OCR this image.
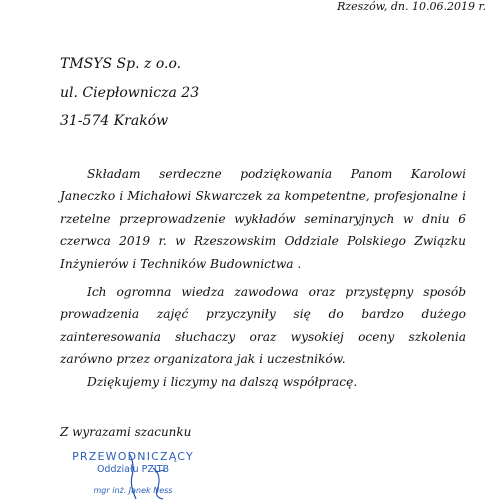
Rzeszów, dn. 10.06.2019 r.
TMSYS Sp. z o.o.
ul. Ciepłownicza 23
31-574 Kraków

Składam serdeczne podziękowania Panom Karolowi Janeczko i Michałowi Skwarczek za kompetentne, profesjonalne i rzetelne przeprowadzenie wykładów seminaryjnych w dniu 6 czerwca 2019 r. w Rzeszowskim Oddziale Polskiego Związku Inżynierów i Techników Budownictwa .

Ich ogromna wiedza zawodowa oraz przystępny sposób prowadzenia zajęć przyczyniły się do bardzo dużego zainteresowania słuchaczy oraz wysokiej oceny szkolenia zarówno przez organizatora jak i uczestników.

Dziękujemy i liczymy na dalszą współpracę.

Z wyrazami szacunku
PRZEWODNICZĄCY
Oddziału PZITB
mgr inż. Janek Ness
